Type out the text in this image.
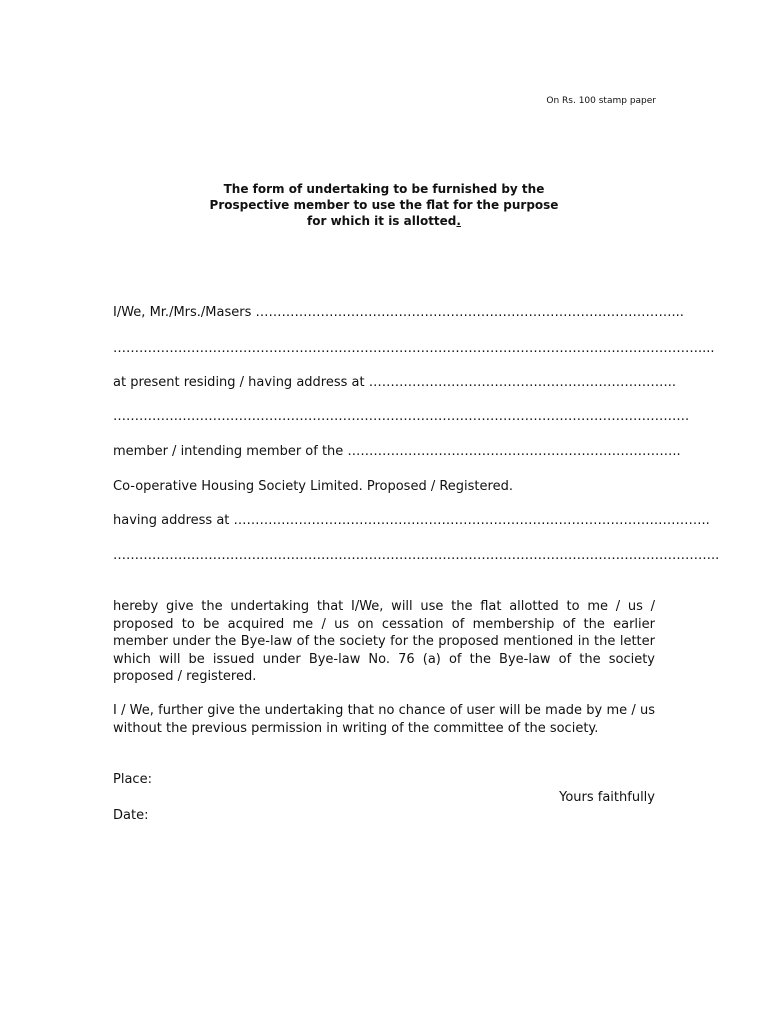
On Rs. 100 stamp paper
The form of undertaking to be furnished by the
Prospective member to use the flat for the purpose
for which it is allotted.
I/We, Mr./Mrs./Masers ……………………………………………………………………………………...
………………………………………………………………………………………………………………………....
at present residing / having address at ……………………………………………………………..
…………………………………………………………………………………………………………………….
member / intending member of the …………………………………………………………………..
Co-operative Housing Society Limited. Proposed / Registered.
having address at ………………………………………………………………………………………………..
…………………………………………………………………………………………………………………………..
hereby give the undertaking that I/We, will use the flat allotted to me / us / proposed to be acquired me / us on cessation of membership of the earlier member under the Bye-law of the society for the proposed mentioned in the letter which will be issued under Bye-law No. 76 (a) of the Bye-law of the society proposed / registered.
I / We, further give the undertaking that no chance of user will be made by me / us without the previous permission in writing of the committee of the society.
Place:
Yours faithfully
Date:
